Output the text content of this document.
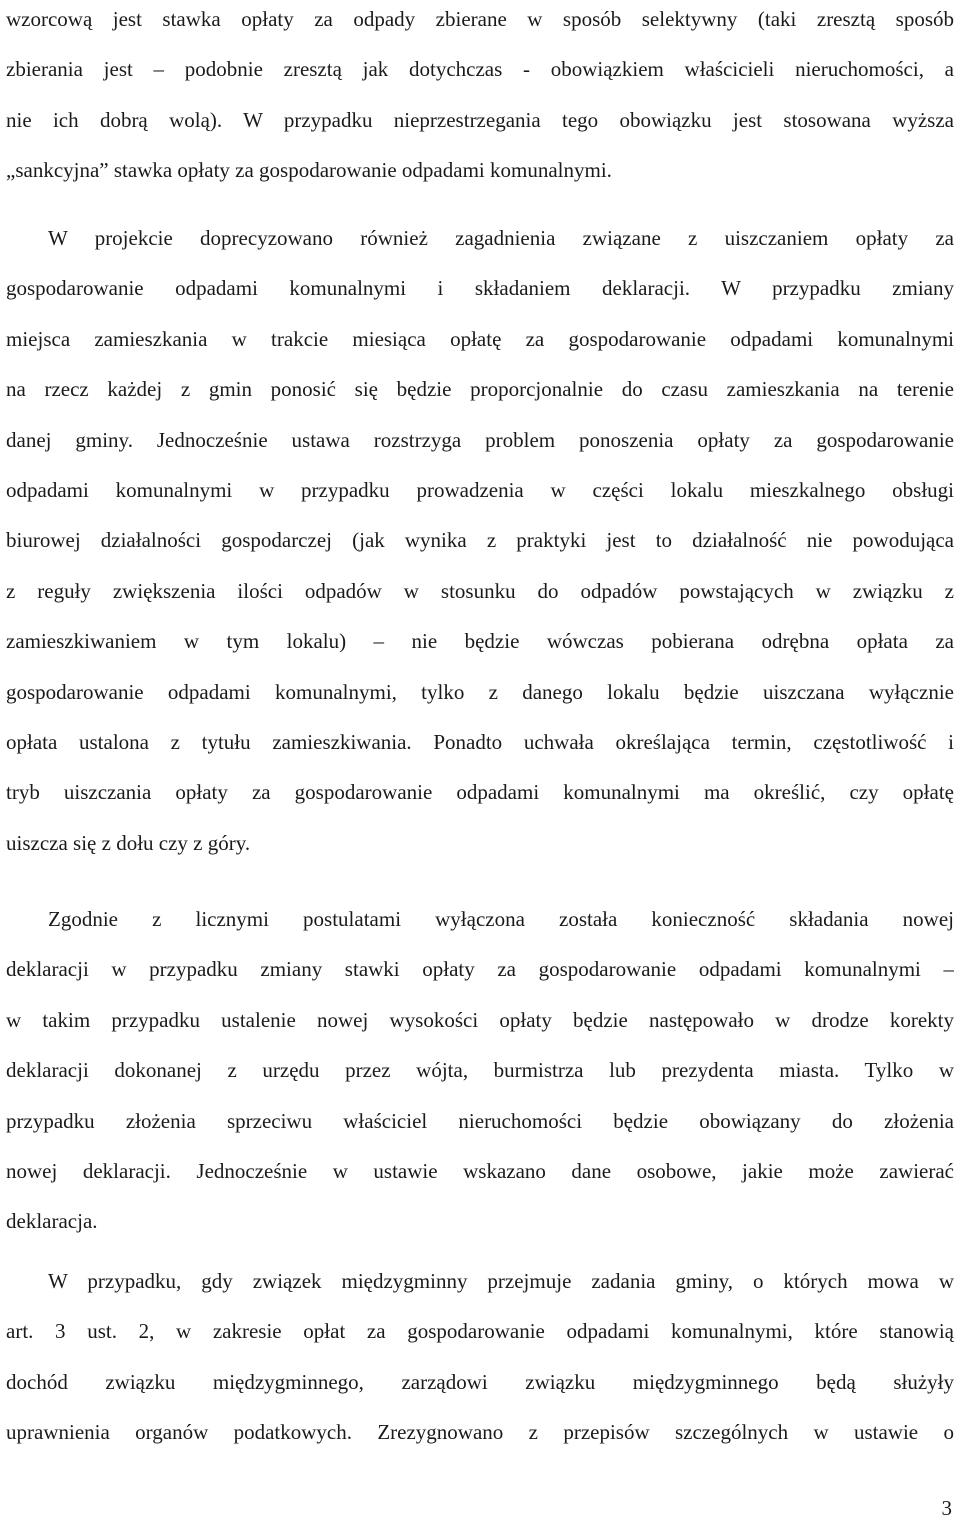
wzorcową jest stawka opłaty za odpady zbierane w sposób selektywny (taki zresztą sposób
zbierania jest – podobnie zresztą jak dotychczas - obowiązkiem właścicieli nieruchomości, a
nie ich dobrą wolą). W przypadku nieprzestrzegania tego obowiązku jest stosowana wyższa
„sankcyjna” stawka opłaty za gospodarowanie odpadami komunalnymi.
W projekcie doprecyzowano również zagadnienia związane z uiszczaniem opłaty za
gospodarowanie odpadami komunalnymi i składaniem deklaracji. W przypadku zmiany
miejsca zamieszkania w trakcie miesiąca opłatę za gospodarowanie odpadami komunalnymi
na rzecz każdej z gmin ponosić się będzie proporcjonalnie do czasu zamieszkania na terenie
danej gminy. Jednocześnie ustawa rozstrzyga problem ponoszenia opłaty za gospodarowanie
odpadami komunalnymi w przypadku prowadzenia w części lokalu mieszkalnego obsługi
biurowej działalności gospodarczej (jak wynika z praktyki jest to działalność nie powodująca
z reguły zwiększenia ilości odpadów w stosunku do odpadów powstających w związku z
zamieszkiwaniem w tym lokalu) – nie będzie wówczas pobierana odrębna opłata za
gospodarowanie odpadami komunalnymi, tylko z danego lokalu będzie uiszczana wyłącznie
opłata ustalona z tytułu zamieszkiwania. Ponadto uchwała określająca termin, częstotliwość i
tryb uiszczania opłaty za gospodarowanie odpadami komunalnymi ma określić, czy opłatę
uiszcza się z dołu czy z góry.
Zgodnie z licznymi postulatami wyłączona została konieczność składania nowej
deklaracji w przypadku zmiany stawki opłaty za gospodarowanie odpadami komunalnymi –
w takim przypadku ustalenie nowej wysokości opłaty będzie następowało w drodze korekty
deklaracji dokonanej z urzędu przez wójta, burmistrza lub prezydenta miasta. Tylko w
przypadku złożenia sprzeciwu właściciel nieruchomości będzie obowiązany do złożenia
nowej deklaracji. Jednocześnie w ustawie wskazano dane osobowe, jakie może zawierać
deklaracja.
W przypadku, gdy związek międzygminny przejmuje zadania gminy, o których mowa w
art. 3 ust. 2, w zakresie opłat za gospodarowanie odpadami komunalnymi, które stanowią
dochód związku międzygminnego, zarządowi związku międzygminnego będą służyły
uprawnienia organów podatkowych. Zrezygnowano z przepisów szczególnych w ustawie o
3
